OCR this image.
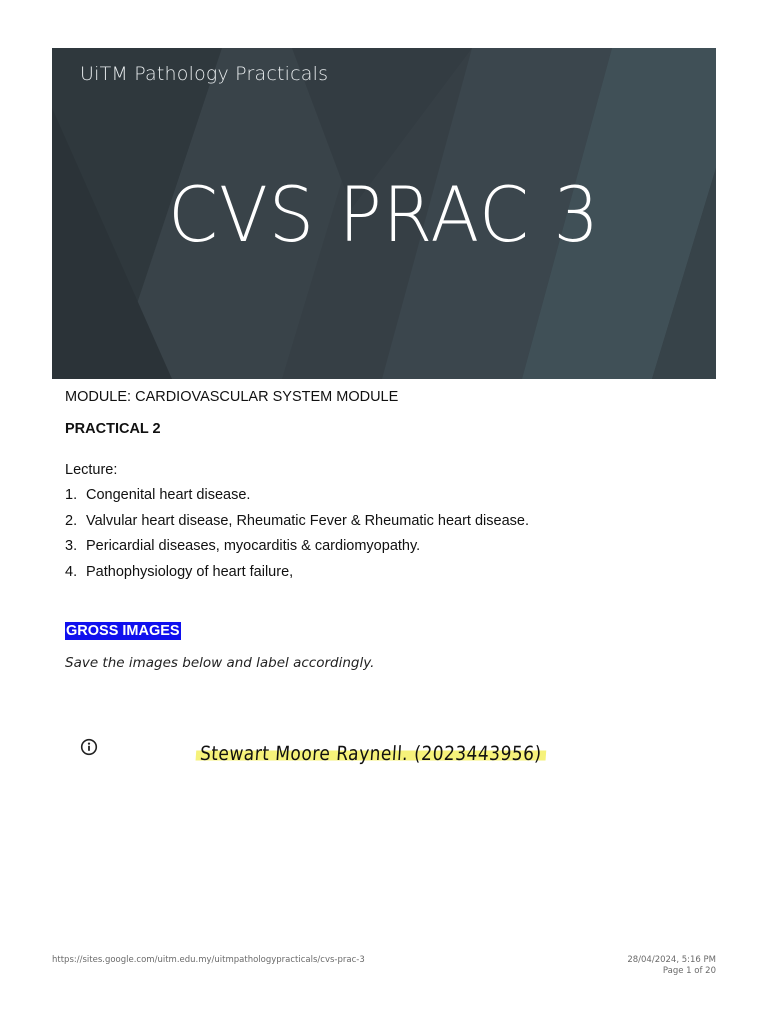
UiTM Pathology Practicals
CVS PRAC 3

MODULE: CARDIOVASCULAR SYSTEM MODULE

PRACTICAL 2

Lecture:

1. Congenital heart disease.
2. Valvular heart disease, Rheumatic Fever & Rheumatic heart disease.
3. Pericardial diseases, myocarditis & cardiomyopathy.
4. Pathophysiology of heart failure,
GROSS IMAGES
Save the images below and label accordingly.
Stewart Moore Raynell. (2023443956)
https://sites.google.com/uitm.edu.my/uitmpathologypracticals/cvs-prac-3	28/04/2024, 5:16 PM
Page 1 of 20
